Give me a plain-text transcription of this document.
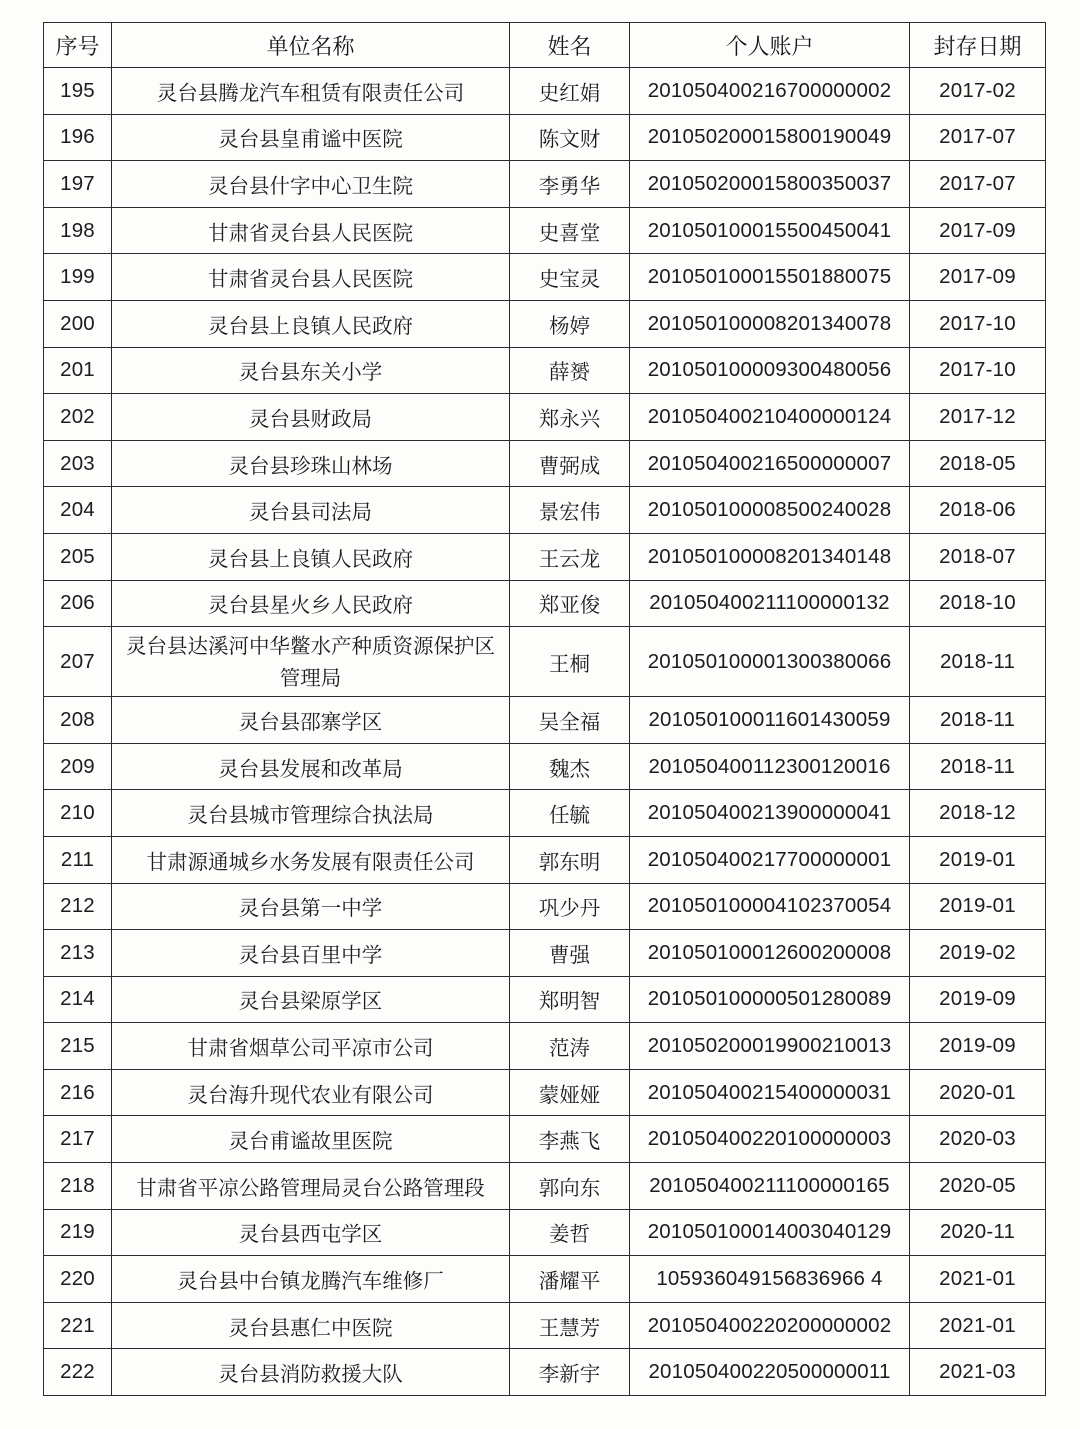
序号	单位名称	姓名	个人账户	封存日期
195	灵台县腾龙汽车租赁有限责任公司	史红娟	201050400216700000002	2017-02
196	灵台县皇甫谧中医院	陈文财	201050200015800190049	2017-07
197	灵台县什字中心卫生院	李勇华	201050200015800350037	2017-07
198	甘肃省灵台县人民医院	史喜堂	201050100015500450041	2017-09
199	甘肃省灵台县人民医院	史宝灵	201050100015501880075	2017-09
200	灵台县上良镇人民政府	杨婷	201050100008201340078	2017-10
201	灵台县东关小学	薛赟	201050100009300480056	2017-10
202	灵台县财政局	郑永兴	201050400210400000124	2017-12
203	灵台县珍珠山林场	曹弼成	201050400216500000007	2018-05
204	灵台县司法局	景宏伟	201050100008500240028	2018-06
205	灵台县上良镇人民政府	王云龙	201050100008201340148	2018-07
206	灵台县星火乡人民政府	郑亚俊	201050400211100000132	2018-10
207	灵台县达溪河中华鳖水产种质资源保护区管理局	王桐	201050100001300380066	2018-11
208	灵台县邵寨学区	吴全福	201050100011601430059	2018-11
209	灵台县发展和改革局	魏杰	201050400112300120016	2018-11
210	灵台县城市管理综合执法局	任毓	201050400213900000041	2018-12
211	甘肃源通城乡水务发展有限责任公司	郭东明	201050400217700000001	2019-01
212	灵台县第一中学	巩少丹	201050100004102370054	2019-01
213	灵台县百里中学	曹强	201050100012600200008	2019-02
214	灵台县梁原学区	郑明智	201050100000501280089	2019-09
215	甘肃省烟草公司平凉市公司	范涛	201050200019900210013	2019-09
216	灵台海升现代农业有限公司	蒙娅娅	201050400215400000031	2020-01
217	灵台甫谧故里医院	李燕飞	201050400220100000003	2020-03
218	甘肃省平凉公路管理局灵台公路管理段	郭向东	201050400211100000165	2020-05
219	灵台县西屯学区	姜哲	201050100014003040129	2020-11
220	灵台县中台镇龙腾汽车维修厂	潘耀平	105936049156836966 4	2021-01
221	灵台县惠仁中医院	王慧芳	201050400220200000002	2021-01
222	灵台县消防救援大队	李新宇	201050400220500000011	2021-03
